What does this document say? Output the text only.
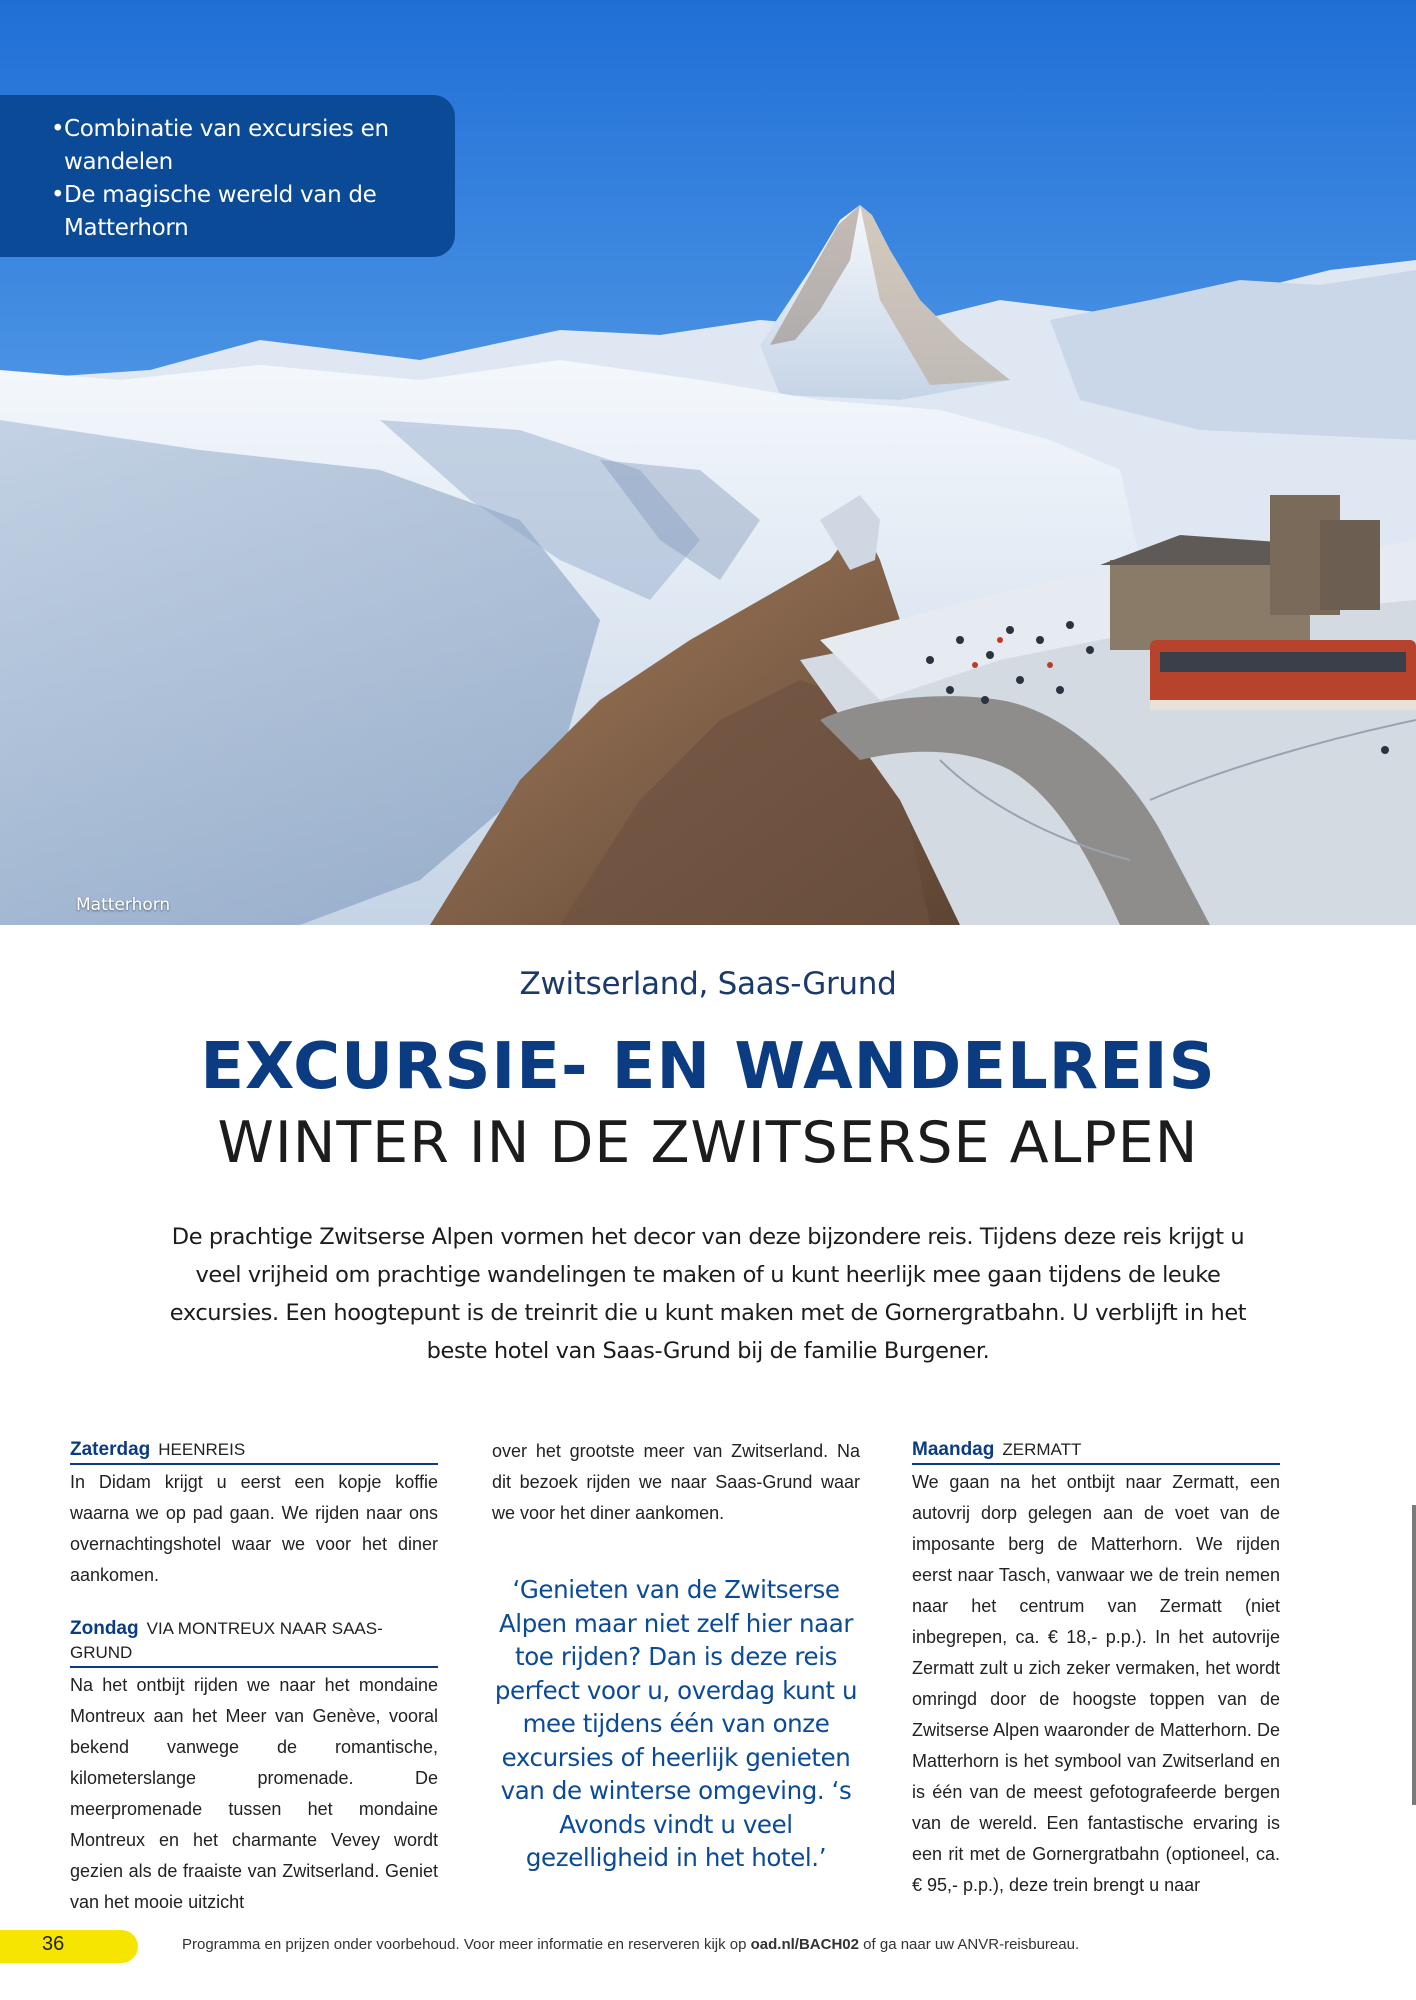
• Combinatie van excursies en wandelen
• De magische wereld van de Matterhorn
Matterhorn
Zwitserland, Saas-Grund
EXCURSIE- EN WANDELREIS
WINTER IN DE ZWITSERSE ALPEN

De prachtige Zwitserse Alpen vormen het decor van deze bijzondere reis. Tijdens deze reis krijgt u veel vrijheid om prachtige wandelingen te maken of u kunt heerlijk mee gaan tijdens de leuke excursies. Een hoogtepunt is de treinrit die u kunt maken met de Gornergratbahn. U verblijft in het beste hotel van Saas-Grund bij de familie Burgener.

Zaterdag HEENREIS

In Didam krijgt u eerst een kopje koffie waarna we op pad gaan. We rijden naar ons overnachtingshotel waar we voor het diner aankomen.

Zondag VIA MONTREUX NAAR SAAS-GRUND

Na het ontbijt rijden we naar het mondaine Montreux aan het Meer van Genève, vooral bekend vanwege de romantische, kilometerslange promenade. De meerpromenade tussen het mondaine Montreux en het charmante Vevey wordt gezien als de fraaiste van Zwitserland. Geniet van het mooie uitzicht

over het grootste meer van Zwitserland. Na dit bezoek rijden we naar Saas-Grund waar we voor het diner aankomen.

‘Genieten van de Zwitserse Alpen maar niet zelf hier naar toe rijden? Dan is deze reis perfect voor u, overdag kunt u mee tijdens één van onze excursies of heerlijk genieten van de winterse omgeving. ‘s Avonds vindt u veel gezelligheid in het hotel.’

Maandag ZERMATT

We gaan na het ontbijt naar Zermatt, een autovrij dorp gelegen aan de voet van de imposante berg de Matterhorn. We rijden eerst naar Tasch, vanwaar we de trein nemen naar het centrum van Zermatt (niet inbegrepen, ca. € 18,- p.p.). In het autovrije Zermatt zult u zich zeker vermaken, het wordt omringd door de hoogste toppen van de Zwitserse Alpen waaronder de Matterhorn. De Matterhorn is het symbool van Zwitserland en is één van de meest gefotografeerde bergen van de wereld. Een fantastische ervaring is een rit met de Gornergratbahn (optioneel, ca. € 95,- p.p.), deze trein brengt u naar

36	Programma en prijzen onder voorbehoud. Voor meer informatie en reserveren kijk op oad.nl/BACH02 of ga naar uw ANVR-reisbureau.
